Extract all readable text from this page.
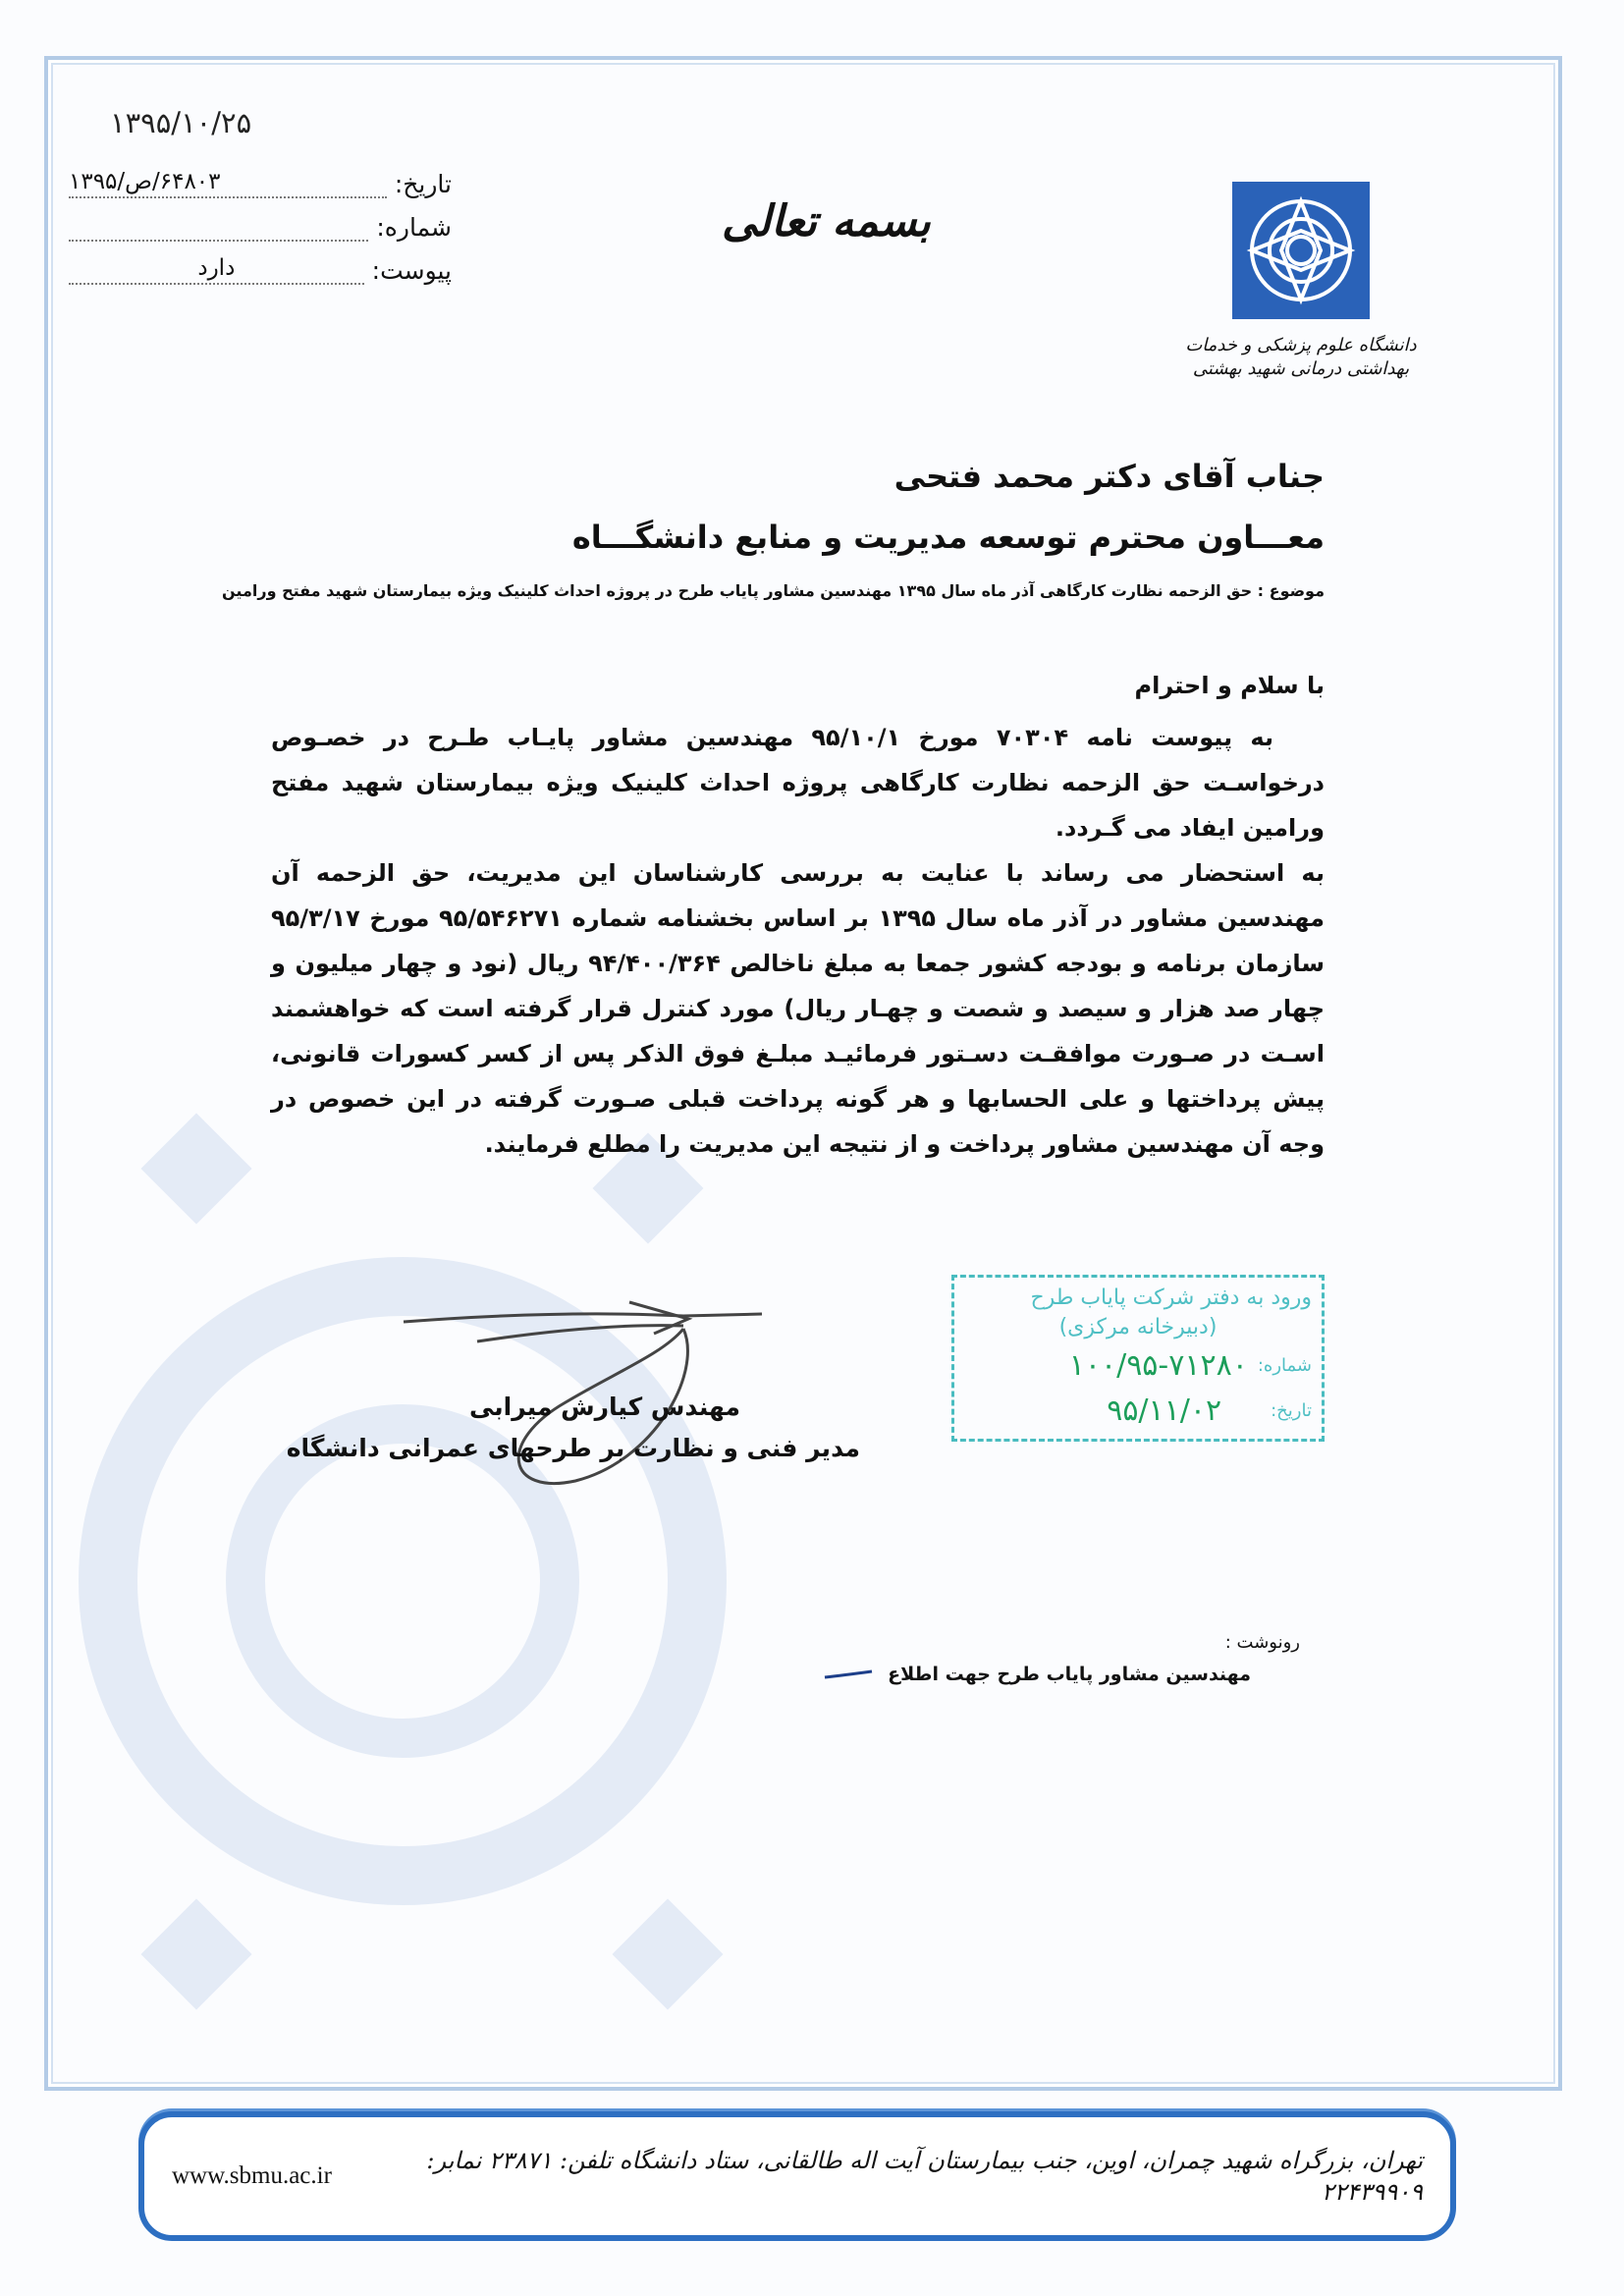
۱۳۹۵/۱۰/۲۵
تاریخ:
۶۴۸۰۳/ص/۱۳۹۵
شماره:
پیوست:
دارد
بسمه تعالی
دانشگاه علوم پزشکی و خدمات بهداشتی درمانی شهید بهشتی
جناب آقای دکتر محمد فتحی
معـــاون محترم توسعه مدیریت و منابع دانشگـــاه
موضوع : حق الزحمه نظارت کارگاهی آذر ماه سال ۱۳۹۵ مهندسین مشاور پایاب طرح در پروژه احداث کلینیک ویژه بیمارستان شهید مفتح ورامین
با سلام و احترام

به پیوست نامه ۷۰۳۰۴ مورخ ۹۵/۱۰/۱ مهندسین مشاور پایـاب طـرح در خصـوص درخواسـت حق الزحمه نظارت کارگاهی پروژه احداث کلینیک ویژه بیمارستان شهید مفتح ورامین ایفاد می گـردد.

به استحضار می رساند با عنایت به بررسی کارشناسان این مدیریت، حق الزحمه آن مهندسین مشاور در آذر ماه سال ۱۳۹۵ بر اساس بخشنامه شماره ۹۵/۵۴۶۲۷۱ مورخ ۹۵/۳/۱۷ سازمان برنامه و بودجه کشور جمعا به مبلغ ناخالص ۹۴/۴۰۰/۳۶۴ ریال (نود و چهار میلیون و چهار صد هزار و سیصد و شصت و چهـار ریال) مورد کنترل قرار گرفته است که خواهشمند اسـت در صـورت موافقـت دسـتور فرمائیـد مبلـغ فوق الذکر پس از کسر کسورات قانونی، پیش پرداختها و علی الحسابها و هر گونه پرداخت قبلی صـورت گرفته در این خصوص در وجه آن مهندسین مشاور پرداخت و از نتیجه این مدیریت را مطلع فرمایند.

ورود به دفتر شرکت پایاب طرح
(دبیرخانه مرکزی)
شماره:
۱۰۰/۹۵-۷۱۲۸۰
تاریخ:
۹۵/۱۱/۰۲
مهندس کیارش میرابی
مدیر فنی و نظارت بر طرحهای عمرانی دانشگاه
رونوشت :
مهندسین مشاور پایاب طرح جهت اطلاع
تهران، بزرگراه شهید چمران، اوین، جنب بیمارستان آیت اله طالقانی، ستاد دانشگاه تلفن: ۲۳۸۷۱ نمابر: ۲۲۴۳۹۹۰۹
www.sbmu.ac.ir
